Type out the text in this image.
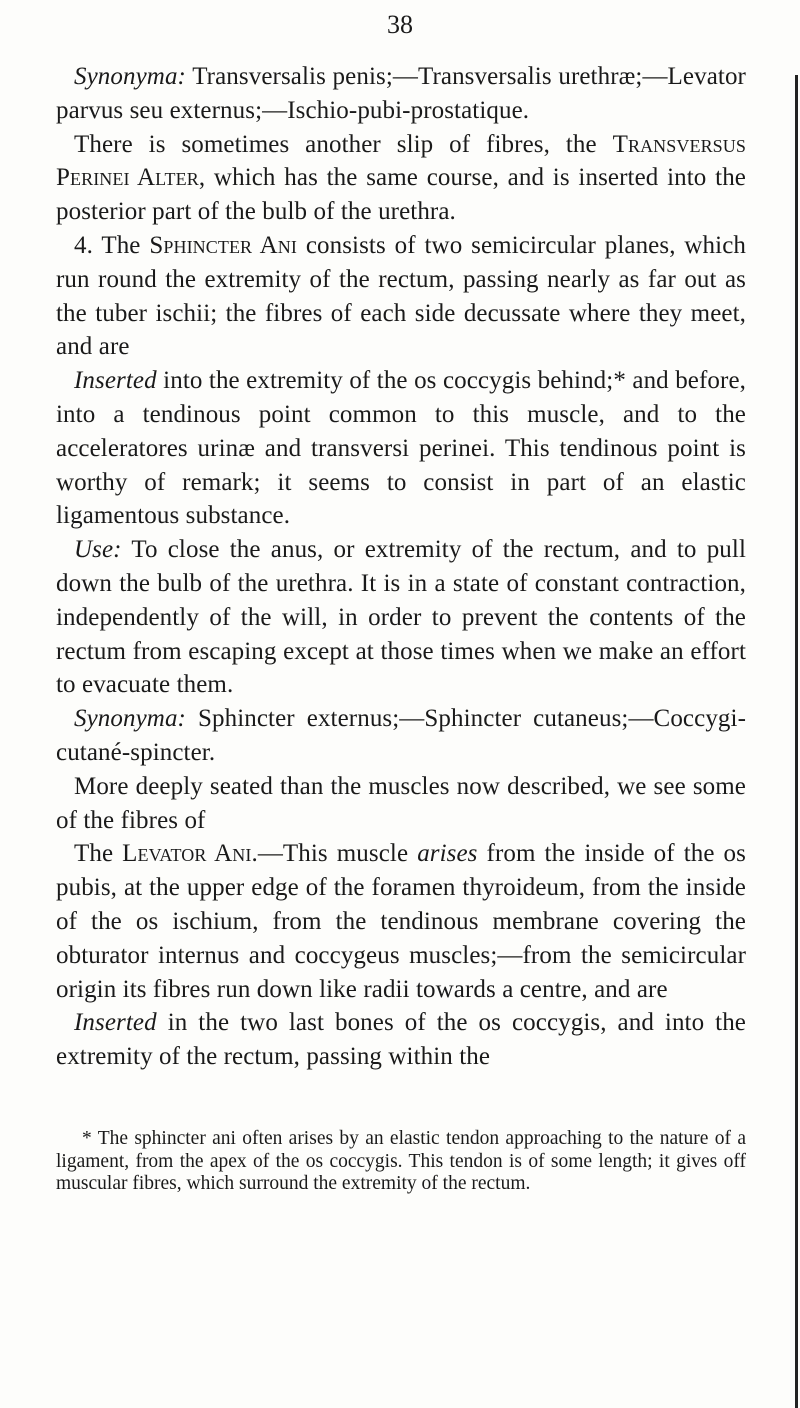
38

Synonyma: Transversalis penis;—Transversalis urethræ;—Levator parvus seu externus;—Ischio-pubi-prostatique.

There is sometimes another slip of fibres, the Transversus Perinei Alter, which has the same course, and is inserted into the posterior part of the bulb of the urethra.

4. The Sphincter Ani consists of two semicircular planes, which run round the extremity of the rectum, passing nearly as far out as the tuber ischii; the fibres of each side decussate where they meet, and are

Inserted into the extremity of the os coccygis behind;* and before, into a tendinous point common to this muscle, and to the acceleratores urinæ and transversi perinei. This tendinous point is worthy of remark; it seems to consist in part of an elastic ligamentous substance.

Use: To close the anus, or extremity of the rectum, and to pull down the bulb of the urethra. It is in a state of constant contraction, independently of the will, in order to prevent the contents of the rectum from escaping except at those times when we make an effort to evacuate them.

Synonyma: Sphincter externus;—Sphincter cutaneus;—Coccygi-cutané-spincter.

More deeply seated than the muscles now described, we see some of the fibres of

The Levator Ani.—This muscle arises from the inside of the os pubis, at the upper edge of the foramen thyroideum, from the inside of the os ischium, from the tendinous membrane covering the obturator internus and coccygeus muscles;—from the semicircular origin its fibres run down like radii towards a centre, and are

Inserted in the two last bones of the os coccygis, and into the extremity of the rectum, passing within the

* The sphincter ani often arises by an elastic tendon approaching to the nature of a ligament, from the apex of the os coccygis. This tendon is of some length; it gives off muscular fibres, which surround the extremity of the rectum.
